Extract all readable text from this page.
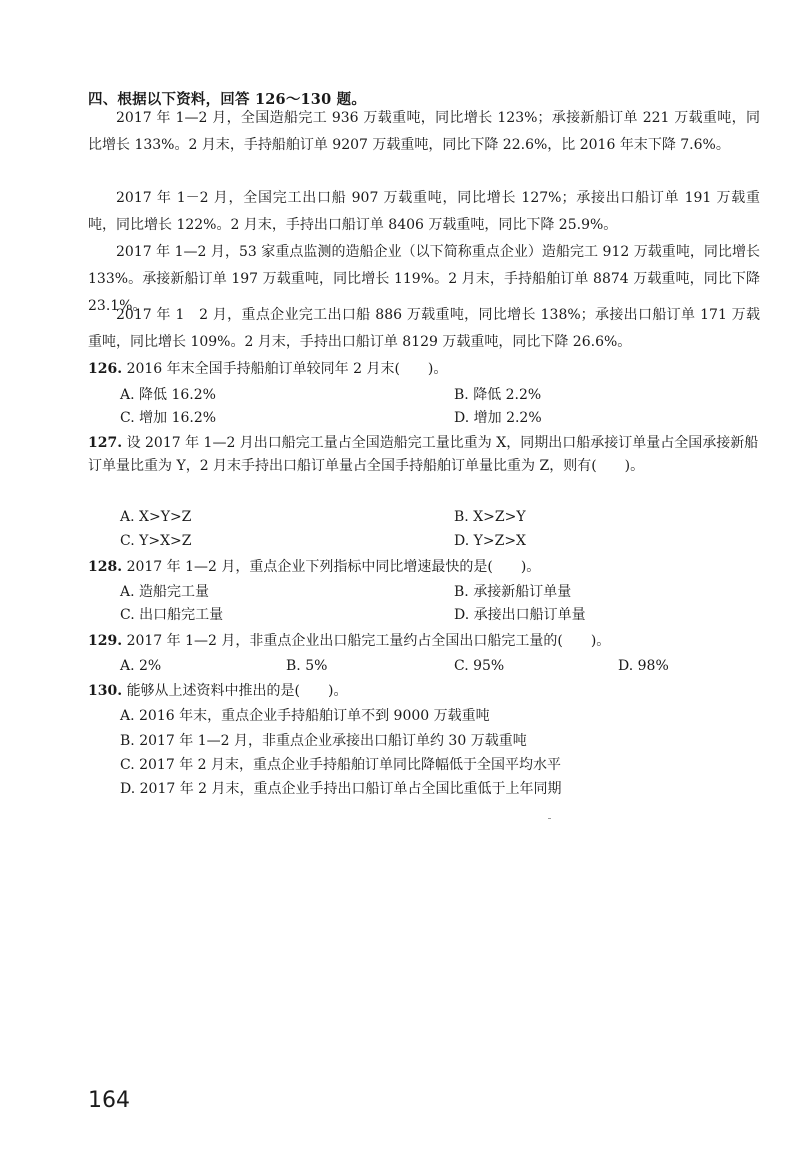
四、根据以下资料，回答 126～130 题。
2017 年 1—2 月，全国造船完工 936 万载重吨，同比增长 123%；承接新船订单 221 万载重吨，同比增长 133%。2 月末，手持船舶订单 9207 万载重吨，同比下降 22.6%，比 2016 年末下降 7.6%。
2017 年 1－2 月，全国完工出口船 907 万载重吨，同比增长 127%；承接出口船订单 191 万载重吨，同比增长 122%。2 月末，手持出口船订单 8406 万载重吨，同比下降 25.9%。
2017 年 1—2 月，53 家重点监测的造船企业（以下简称重点企业）造船完工 912 万载重吨，同比增长 133%。承接新船订单 197 万载重吨，同比增长 119%。2 月末，手持船舶订单 8874 万载重吨，同比下降 23.1%。
2017 年 1　2 月，重点企业完工出口船 886 万载重吨，同比增长 138%；承接出口船订单 171 万载重吨，同比增长 109%。2 月末，手持出口船订单 8129 万载重吨，同比下降 26.6%。
126. 2016 年末全国手持船舶订单较同年 2 月末(　　)。
A. 降低 16.2%	B. 降低 2.2%
C. 增加 16.2%	D. 增加 2.2%
127. 设 2017 年 1—2 月出口船完工量占全国造船完工量比重为 X，同期出口船承接订单量占全国承接新船订单量比重为 Y，2 月末手持出口船订单量占全国手持船舶订单量比重为 Z，则有(　　)。
A. X>Y>Z	B. X>Z>Y
C. Y>X>Z	D. Y>Z>X
128. 2017 年 1—2 月，重点企业下列指标中同比增速最快的是(　　)。
A. 造船完工量	B. 承接新船订单量
C. 出口船完工量	D. 承接出口船订单量
129. 2017 年 1—2 月，非重点企业出口船完工量约占全国出口船完工量的(　　)。
A. 2%	B. 5%	C. 95%	D. 98%
130. 能够从上述资料中推出的是(　　)。
A. 2016 年末，重点企业手持船舶订单不到 9000 万载重吨
B. 2017 年 1—2 月，非重点企业承接出口船订单约 30 万载重吨
C. 2017 年 2 月末，重点企业手持船舶订单同比降幅低于全国平均水平
D. 2017 年 2 月末，重点企业手持出口船订单占全国比重低于上年同期
164
